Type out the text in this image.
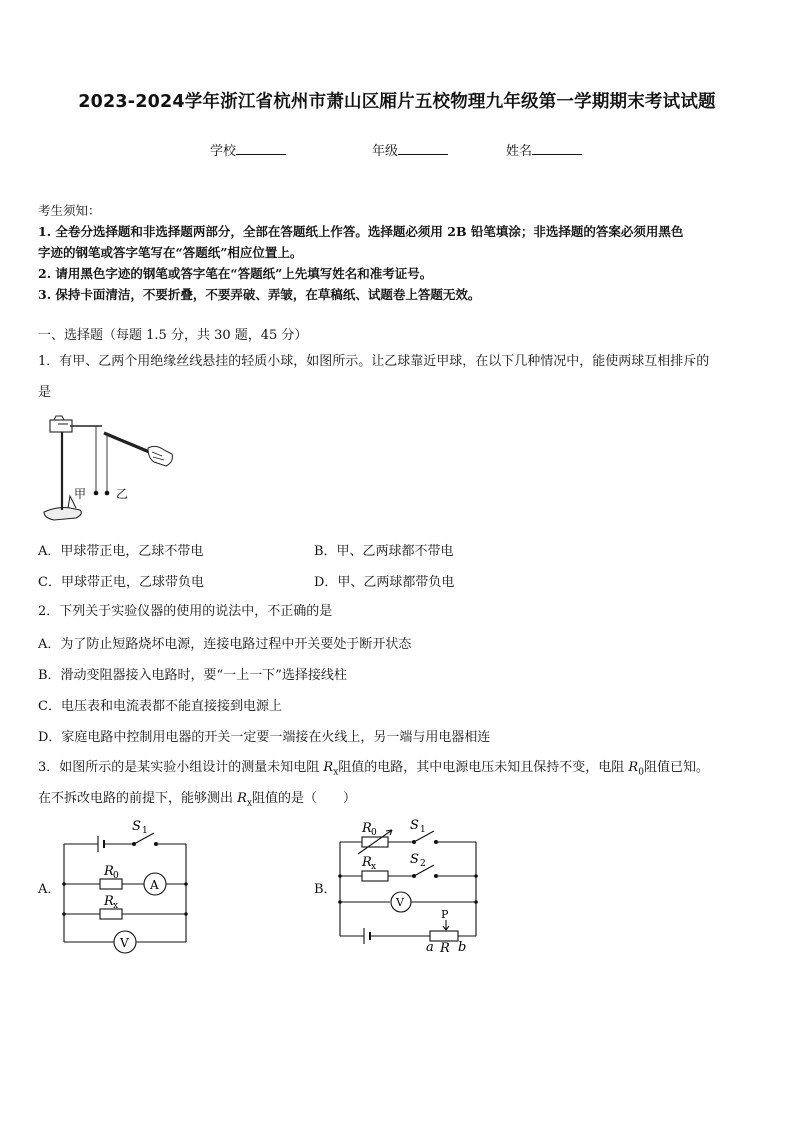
2023-2024学年浙江省杭州市萧山区厢片五校物理九年级第一学期期末考试试题
学校	年级	姓名
考生须知：
1. 全卷分选择题和非选择题两部分，全部在答题纸上作答。选择题必须用 2B 铅笔填涂；非选择题的答案必须用黑色
字迹的钢笔或答字笔写在“答题纸”相应位置上。
2. 请用黑色字迹的钢笔或答字笔在“答题纸”上先填写姓名和准考证号。
3. 保持卡面清洁，不要折叠，不要弄破、弄皱，在草稿纸、试题卷上答题无效。
一、选择题（每题 1.5 分，共 30 题，45 分）
1．有甲、乙两个用绝缘丝线悬挂的轻质小球，如图所示。让乙球靠近甲球，在以下几种情况中，能使两球互相排斥的
是
甲 乙
A．甲球带正电，乙球不带电	B．甲、乙两球都不带电
C．甲球带正电，乙球带负电	D．甲、乙两球都带负电
2．下列关于实验仪器的使用的说法中，不正确的是
A．为了防止短路烧坏电源，连接电路过程中开关要处于断开状态
B．滑动变阻器接入电路时，要“一上一下”选择接线柱
C．电压表和电流表都不能直接接到电源上
D．家庭电路中控制用电器的开关一定要一端接在火线上，另一端与用电器相连
3．如图所示的是某实验小组设计的测量未知电阻 $R_x$阻值的电路，其中电源电压未知且保持不变，电阻 $R_0$阻值已知。
在不拆改电路的前提下，能够测出 $R_x$阻值的是（　　）
A．
S 1
R 0
R x
A
V
B．
R 0	S 1
R x	S 2
V
P
a R b
